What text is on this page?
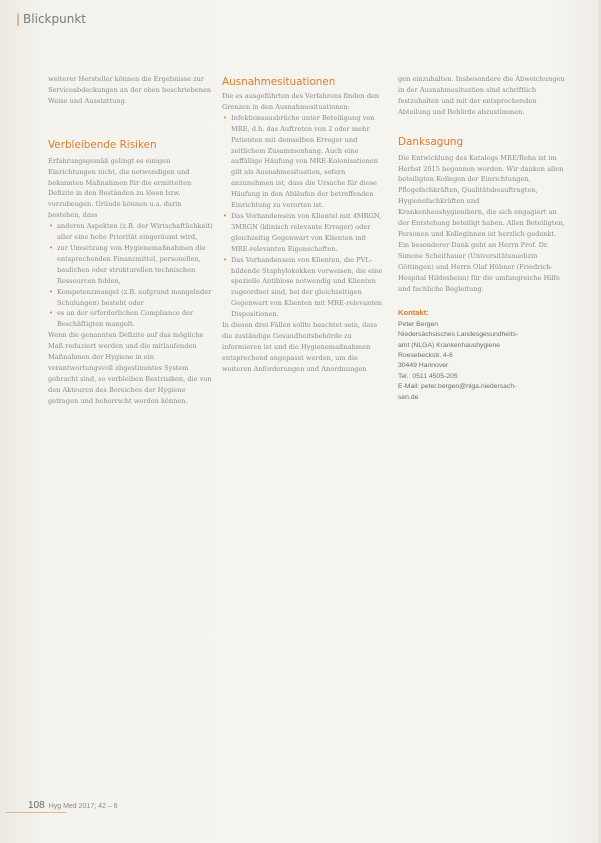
| Blickpunkt

weiterer Hersteller können die Ergebnisse zur Serviceabdeckungen an der oben beschriebenen Weise und Ausstattung.

Verbleibende Risiken

Erfahrungsgemäß gelingt es einigen Einrichtungen nicht, die notwendigen und bekannten Maßnahmen für die ermittelten Defizite in den Beständen zu lösen bzw. vorzubeugen. Gründe können u.a. darin bestehen, dass

• anderen Aspekten (z.B. der Wirtschaftlichkeit) aller eine hohe Priorität eingeräumt wird,
• zur Umsetzung von Hygienemaßnahmen die entsprechenden Finanzmittel, personellen, baulichen oder strukturellen technischen Ressourcen fehlen,
• Kompetenzmangel (z.B. aufgrund mangelnder Schulungen) besteht oder
• es an der erforderlichen Compliance der Beschäftigten mangelt.

Wenn die genannten Defizite auf das mögliche Maß reduziert werden und die mitlaufenden Maßnahmen der Hygiene in ein verantwortungsvoll abgestimmtes System gebracht sind, so verbleiben Restrisiken, die von den Akteuren des Bereiches der Hygiene getragen und beherrscht werden können.

Ausnahmesituationen

Die es ausgeführten des Verfahrens finden den Grenzen in den Ausnahmesituationen:

• Infektionsausbrüche unter Beteiligung von MRE, d.h. das Auftreten von 2 oder mehr Patienten mit demselben Erreger und zeitlichem Zusammenhang. Auch eine auffällige Häufung von MRE-Kolonisationen gilt als Ausnahmesituation, sofern anzunehmen ist, dass die Ursache für diese Häufung in den Abläufen der betreffenden Einrichtung zu verorten ist.
• Das Vorhandensein von Klientel mit 4MRGN, 3MRGN (klinisch relevante Erreger) oder gleichzeitig Gegenwart von Klienten mit MRE-relevanten Eigenschaften.
• Das Vorhandensein von Klienten, die PVL-bildende Staphylokokken vorweisen, die eine spezielle Antibiose notwendig und Klienten zugeordnet sind, bei der gleichzeitigen Gegenwart von Klienten mit MRE-relevanten Dispositionen.

In diesen drei Fällen sollte beachtet sein, dass die zuständige Gesundheitsbehörde zu informieren ist und die Hygienemaßnahmen entsprechend angepasst werden, um die weiteren Anforderungen und Anordnungen

gen einzuhalten. Insbesondere die Abweichungen in der Ausnahmesituation sind schriftlich festzuhalten und mit der entsprechenden Abteilung und Behörde abzustimmen.

Danksagung

Die Entwicklung des Katalogs MRE/Reha ist im Herbst 2015 begonnen worden. Wir danken allen beteiligten Kollegen der Einrichtungen, Pflegefachkräften, Qualitätsbeauftragten, Hygienefachkräften und Krankenhaushygienikern, die sich engagiert an der Entstehung beteiligt haben. Allen Beteiligten, Personen und Kolleginnen ist herzlich gedankt. Ein besonderer Dank geht an Herrn Prof. Dr. Simone Scheithauer (Universitätsmedizin Göttingen) und Herrn Olaf Hübner (Friedrich-Hospital Hildesheim) für die umfangreiche Hilfe und fachliche Begleitung.

Kontakt:
Peter Bergen
Niedersächsisches Landesgesundheits-
amt (NLGA) Krankenhaushygiene
Roesebeckstr. 4-6
30449 Hannover
Tel.: 0511 4505-205
E-Mail: peter.bergen@nlga.niedersach-
sen.de
108 Hyg Med 2017; 42 – 6
